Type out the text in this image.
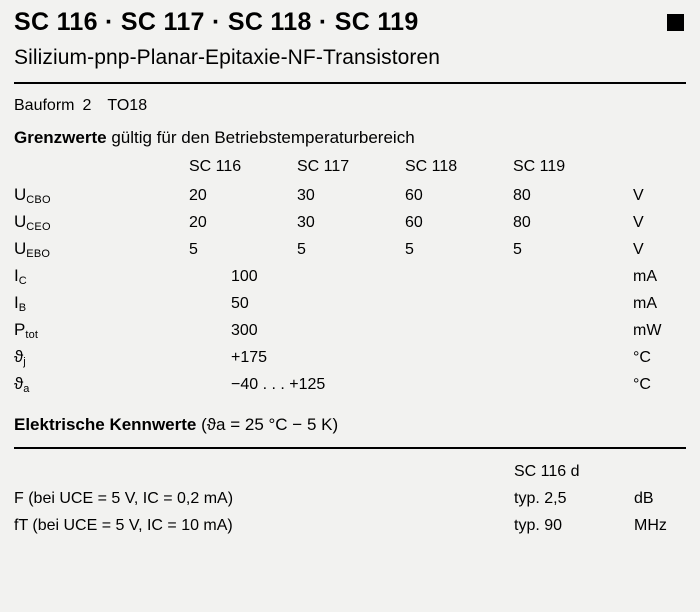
SC 116 · SC 117 · SC 118 · SC 119
Silizium-pnp-Planar-Epitaxie-NF-Transistoren
Bauform 2 TO18
Grenzwerte gültig für den Betriebstemperaturbereich
	SC 116	SC 117	SC 118	SC 119	
$U_{CBO}$	20	30	60	80	V
$U_{CEO}$	20	30	60	80	V
$U_{EBO}$	5	5	5	5	V
$I_C$	100				mA
$I_B$	50				mA
$P_{tot}$	300				mW
$ϑ_j$	+175				°C
$ϑ_a$	−40 . . . +125				°C
Elektrische Kennwerte (ϑa = 25 °C − 5 K)
	SC 116 d	
F (bei UCE = 5 V, IC = 0,2 mA)	typ. 2,5	dB
fT (bei UCE = 5 V, IC = 10 mA)	typ. 90	MHz
